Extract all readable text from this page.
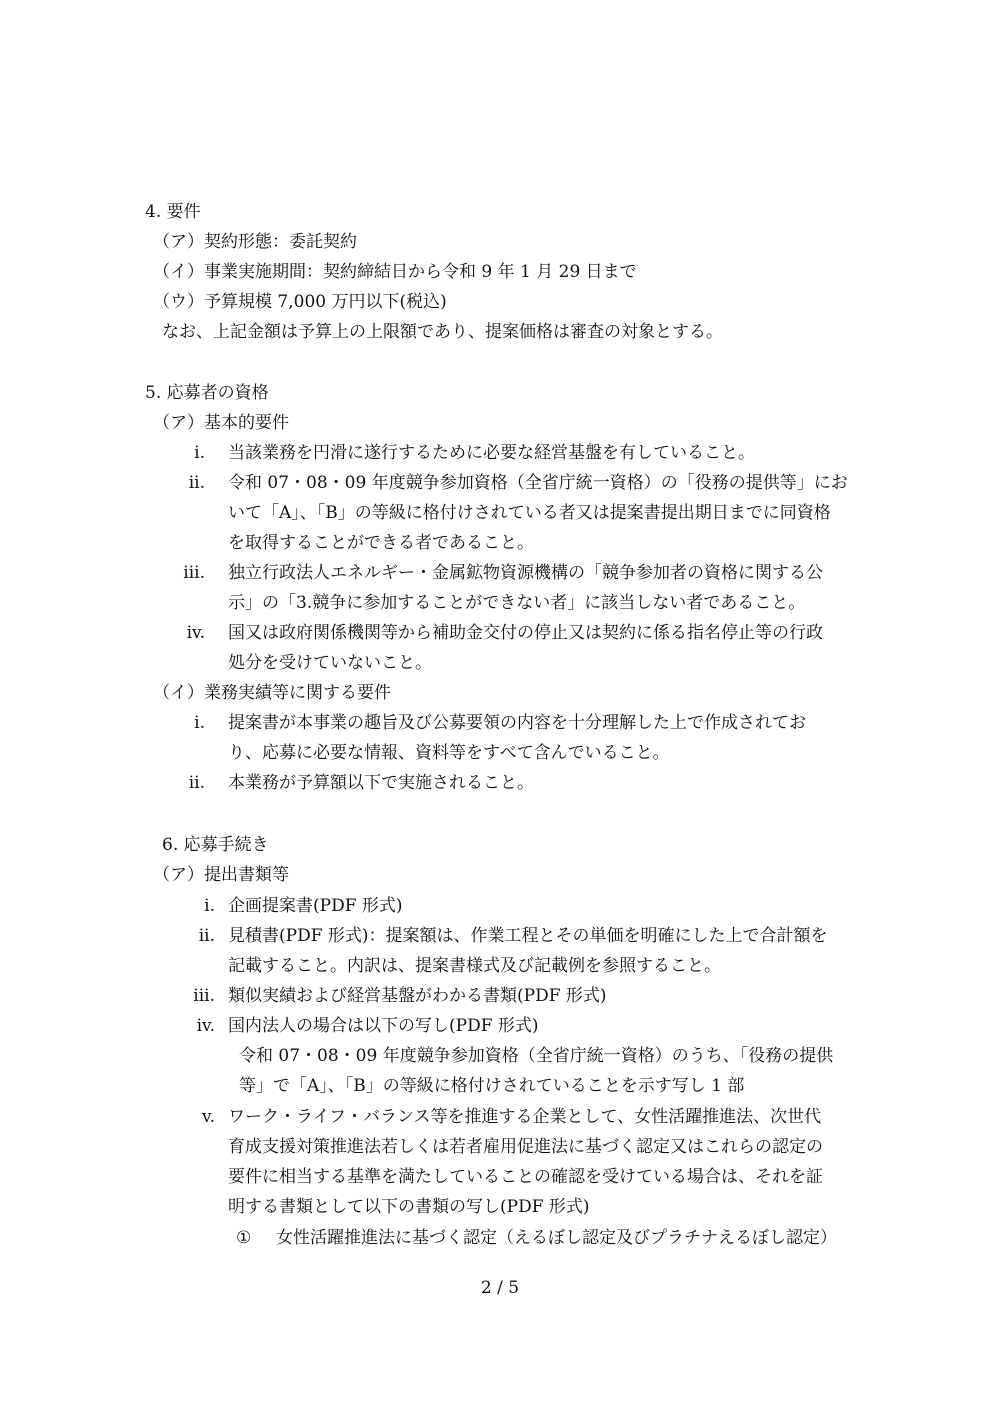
4. 要件
（ア）契約形態：委託契約
（イ）事業実施期間：契約締結日から令和 9 年 1 月 29 日まで
（ウ）予算規模 7,000 万円以下(税込)
なお、上記金額は予算上の上限額であり、提案価格は審査の対象とする。
5. 応募者の資格
（ア）基本的要件
i. 当該業務を円滑に遂行するために必要な経営基盤を有していること。
ii. 令和 07・08・09 年度競争参加資格（全省庁統一資格）の「役務の提供等」にお
いて「A」、「B」の等級に格付けされている者又は提案書提出期日までに同資格
を取得することができる者であること。
iii. 独立行政法人エネルギー・金属鉱物資源機構の「競争参加者の資格に関する公
示」の「3.競争に参加することができない者」に該当しない者であること。
iv. 国又は政府関係機関等から補助金交付の停止又は契約に係る指名停止等の行政
処分を受けていないこと。
（イ）業務実績等に関する要件
i. 提案書が本事業の趣旨及び公募要領の内容を十分理解した上で作成されてお
り、応募に必要な情報、資料等をすべて含んでいること。
ii. 本業務が予算額以下で実施されること。
6. 応募手続き
（ア）提出書類等
i. 企画提案書(PDF 形式)
ii. 見積書(PDF 形式)：提案額は、作業工程とその単価を明確にした上で合計額を
記載すること。内訳は、提案書様式及び記載例を参照すること。
iii. 類似実績および経営基盤がわかる書類(PDF 形式)
iv. 国内法人の場合は以下の写し(PDF 形式)
　令和 07・08・09 年度競争参加資格（全省庁統一資格）のうち、「役務の提供
　等」で「A」、「B」の等級に格付けされていることを示す写し 1 部
v. ワーク・ライフ・バランス等を推進する企業として、女性活躍推進法、次世代
育成支援対策推進法若しくは若者雇用促進法に基づく認定又はこれらの認定の
要件に相当する基準を満たしていることの確認を受けている場合は、それを証
明する書類として以下の書類の写し(PDF 形式)
① 女性活躍推進法に基づく認定（えるぼし認定及びプラチナえるぼし認定）
2 / 5
